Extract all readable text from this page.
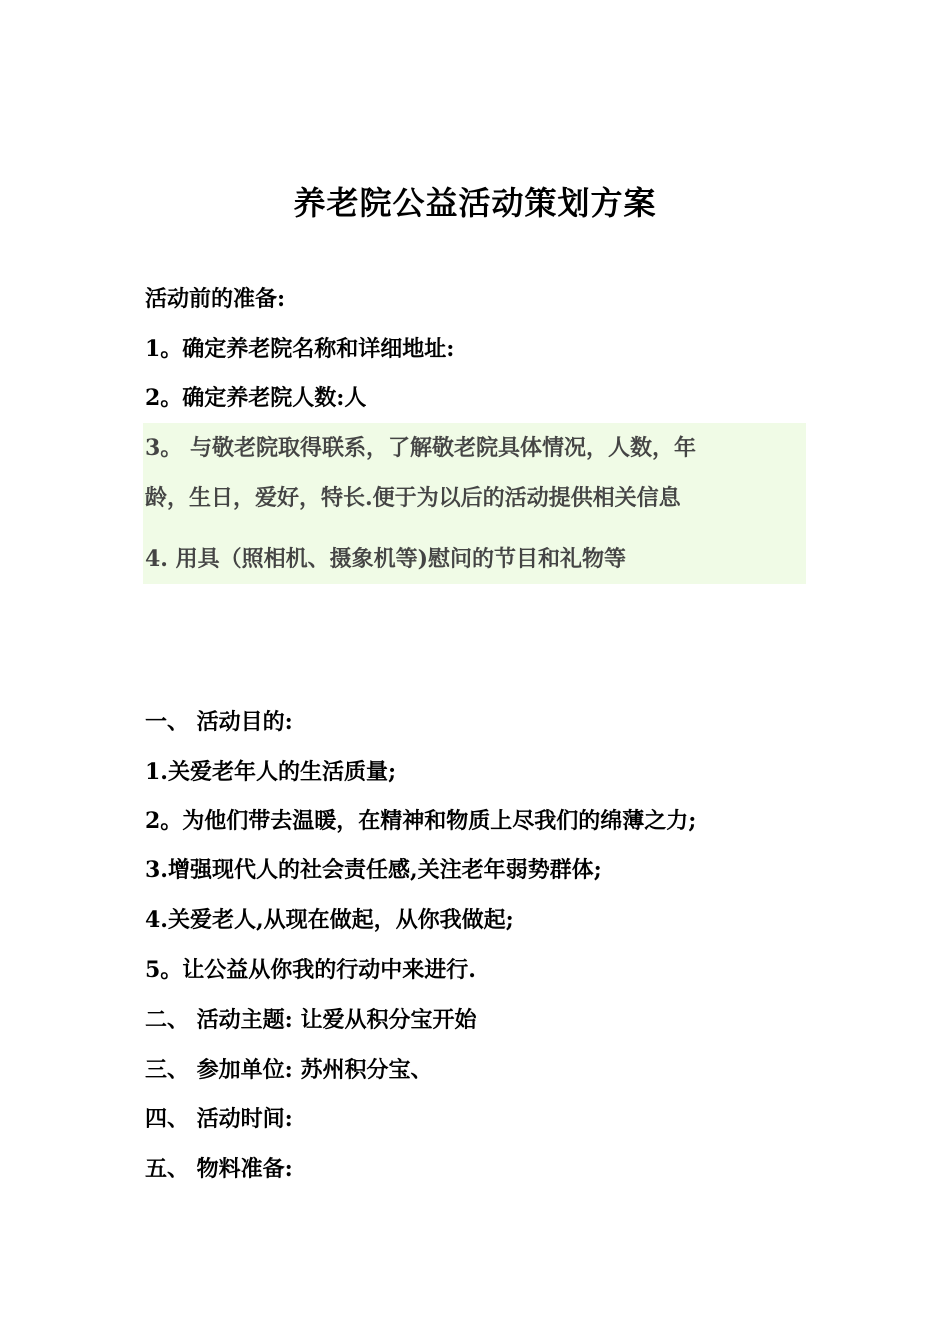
养老院公益活动策划方案
活动前的准备:
1。确定养老院名称和详细地址:
2。确定养老院人数:人
3。 与敬老院取得联系，了解敬老院具体情况，人数，年
龄，生日，爱好，特长.便于为以后的活动提供相关信息
4. 用具（照相机、摄象机等)慰问的节目和礼物等
一、 活动目的:
1.关爱老年人的生活质量;
2。为他们带去温暖，在精神和物质上尽我们的绵薄之力;
3.增强现代人的社会责任感,关注老年弱势群体;
4.关爱老人,从现在做起，从你我做起;
5。让公益从你我的行动中来进行.
二、 活动主题: 让爱从积分宝开始
三、 参加单位: 苏州积分宝、
四、 活动时间:
五、 物料准备:
